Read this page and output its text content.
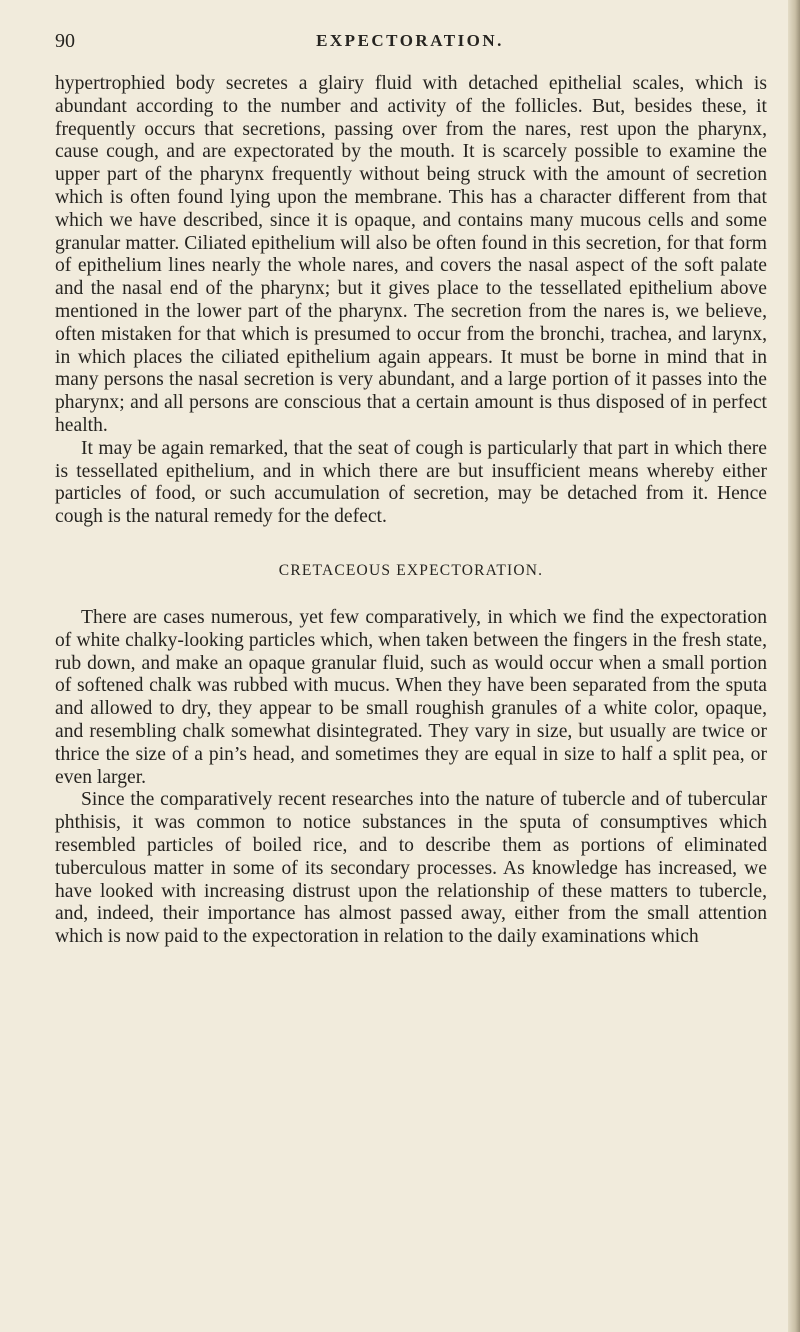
90	EXPECTORATION.

hypertrophied body secretes a glairy fluid with detached epithelial scales, which is abundant according to the number and activity of the follicles. But, besides these, it frequently occurs that secretions, passing over from the nares, rest upon the pharynx, cause cough, and are expectorated by the mouth. It is scarcely possible to examine the upper part of the pharynx frequently without being struck with the amount of secretion which is often found lying upon the membrane. This has a character different from that which we have described, since it is opaque, and contains many mucous cells and some granular matter. Ciliated epithelium will also be often found in this secretion, for that form of epithelium lines nearly the whole nares, and covers the nasal aspect of the soft palate and the nasal end of the pharynx; but it gives place to the tessellated epithelium above mentioned in the lower part of the pharynx. The secretion from the nares is, we believe, often mistaken for that which is presumed to occur from the bronchi, trachea, and larynx, in which places the ciliated epithelium again appears. It must be borne in mind that in many persons the nasal secretion is very abundant, and a large portion of it passes into the pharynx; and all persons are conscious that a certain amount is thus disposed of in perfect health.

It may be again remarked, that the seat of cough is particularly that part in which there is tessellated epithelium, and in which there are but insufficient means whereby either particles of food, or such accumulation of secretion, may be detached from it. Hence cough is the natural remedy for the defect.

CRETACEOUS EXPECTORATION.

There are cases numerous, yet few comparatively, in which we find the expectoration of white chalky-looking particles which, when taken between the fingers in the fresh state, rub down, and make an opaque granular fluid, such as would occur when a small portion of softened chalk was rubbed with mucus. When they have been separated from the sputa and allowed to dry, they appear to be small roughish granules of a white color, opaque, and resembling chalk somewhat disintegrated. They vary in size, but usually are twice or thrice the size of a pin’s head, and sometimes they are equal in size to half a split pea, or even larger.

Since the comparatively recent researches into the nature of tubercle and of tubercular phthisis, it was common to notice substances in the sputa of consumptives which resembled particles of boiled rice, and to describe them as portions of eliminated tuberculous matter in some of its secondary processes. As knowledge has increased, we have looked with increasing distrust upon the relationship of these matters to tubercle, and, indeed, their importance has almost passed away, either from the small attention which is now paid to the expectoration in relation to the daily examinations which
